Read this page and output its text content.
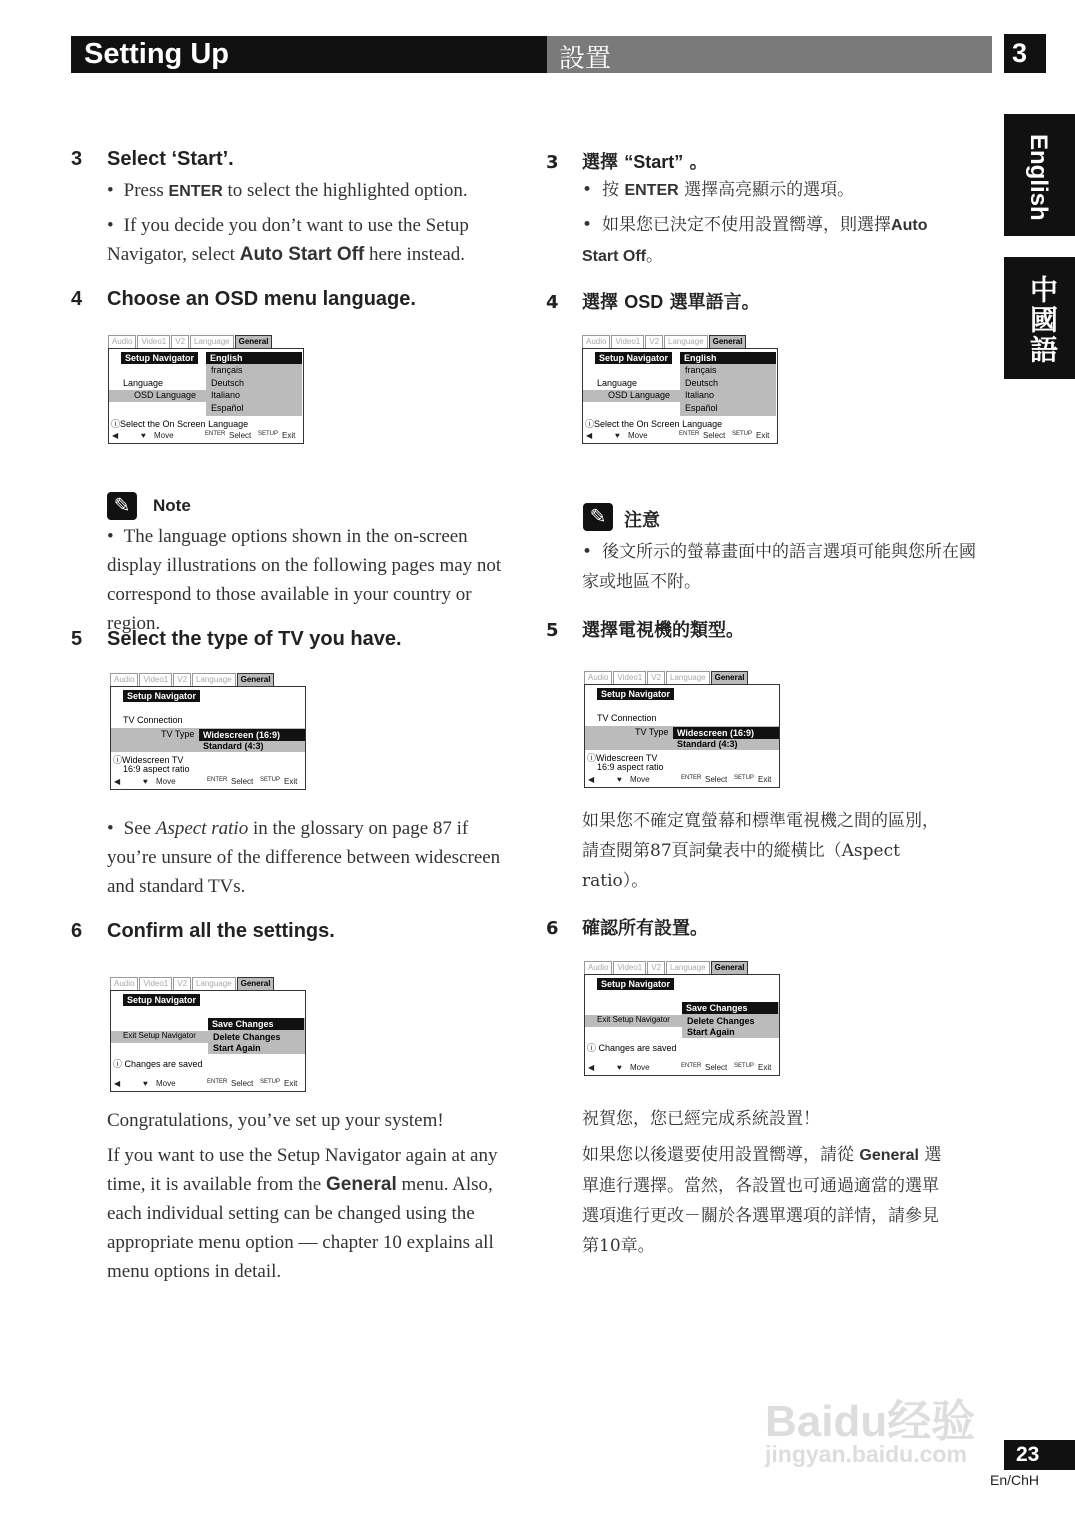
Setting Up	設置	3
English
中國語
3 Select ‘Start’.
• Press ENTER to select the highlighted option.
• If you decide you don’t want to use the Setup Navigator, select Auto Start Off here instead.
4 Choose an OSD menu language.
Audio	Video1	V2	Language	General
Setup Navigator	English
français
Language	Deutsch
OSD Language Italiano
Español
ⓘSelect the On Screen Language
◀	♥ Move	ENTER Select SETUP Exit
✎	Note
• The language options shown in the on-screen display illustrations on the following pages may not correspond to those available in your country or region.
5 Select the type of TV you have.
Audio	Video1	V2	Language	General
Setup Navigator
TV Connection
TV Type Widescreen (16:9)
Standard (4:3)
ⓘWidescreen TV
16:9 aspect ratio
◀	♥ Move	ENTER Select SETUP Exit
• See Aspect ratio in the glossary on page 87 if you’re unsure of the difference between widescreen and standard TVs.
6 Confirm all the settings.
Audio	Video1	V2	Language	General
Setup Navigator
Save Changes
Exit Setup Navigator Delete Changes
Start Again
ⓘ Changes are saved
◀	♥ Move	ENTER Select SETUP Exit
Congratulations, you’ve set up your system!
If you want to use the Setup Navigator again at any time, it is available from the General menu. Also, each individual setting can be changed using the appropriate menu option — chapter 10 explains all menu options in detail.
3 選擇 “Start” 。
• 按 ENTER 選擇高亮顯示的選項。
• 如果您已決定不使用設置嚮導，則選擇Auto
Start Off。
4 選擇 OSD 選單語言。
Audio	Video1	V2	Language	General
Setup Navigator	English
français
Language	Deutsch
OSD Language Italiano
Español
ⓘSelect the On Screen Language
◀	♥ Move	ENTER Select SETUP Exit
✎ 注意
• 後文所示的螢幕畫面中的語言選項可能與您所在國家或地區不附。
5 選擇電視機的類型。
Audio	Video1	V2	Language	General
Setup Navigator
TV Connection
TV Type Widescreen (16:9)
Standard (4:3)
ⓘWidescreen TV
16:9 aspect ratio
◀	♥ Move	ENTER Select SETUP Exit
如果您不確定寬螢幕和標準電視機之間的區別，
請查閱第87頁詞彙表中的縱橫比（Aspect
ratio）。
6 確認所有設置。
Audio	Video1	V2	Language	General
Setup Navigator
Save Changes
Exit Setup Navigator Delete Changes
Start Again
ⓘ Changes are saved
◀	♥ Move	ENTER Select SETUP Exit
祝賀您，您已經完成系統設置！
如果您以後還要使用設置嚮導，請從 General 選
單進行選擇。當然，各設置也可通過適當的選單
選項進行更改－關於各選單選項的詳情，請參見
第10章。
Baidu经验
jingyan.baidu.com	23
En/ChH
